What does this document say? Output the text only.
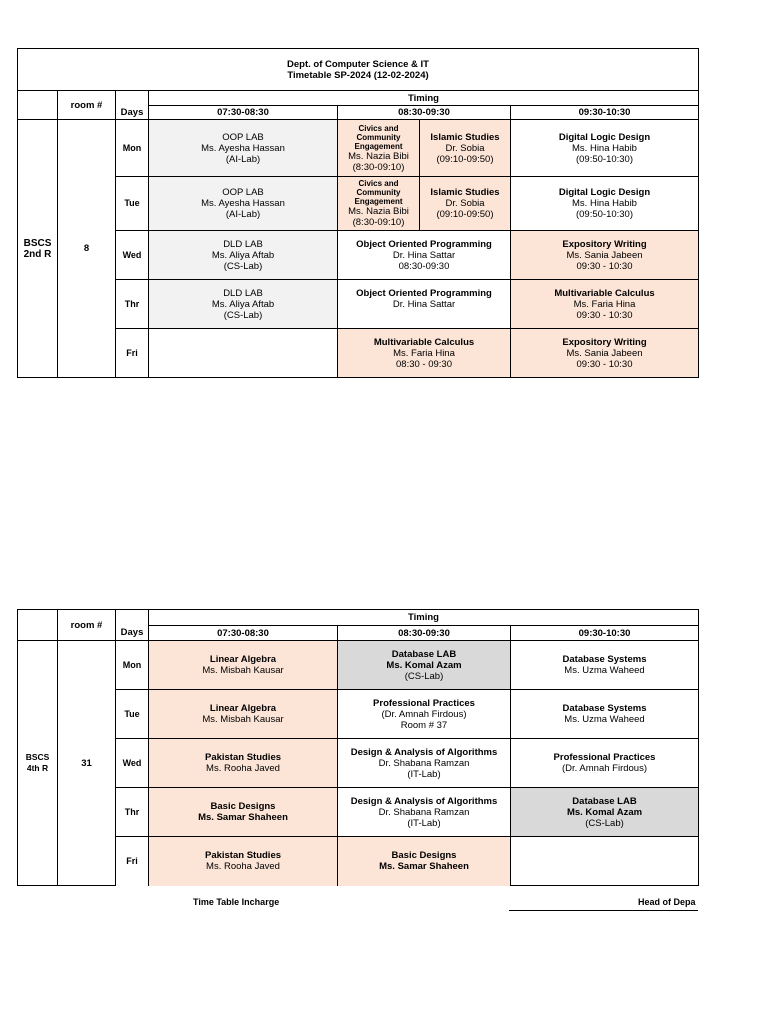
Dept. of Computer Science & IT
Timetable SP-2024 (12-02-2024)						

	room #		Timing			
		Days	07:30-08:30	08:30-09:30		09:30-10:30
BSCS 2nd R	8	Mon	OOP LAB
Ms. Ayesha Hassan
(AI-Lab)	Civics and Community Engagement
Ms. Nazia Bibi
(8:30-09:10)	Islamic Studies
Dr. Sobia
(09:10-09:50)	Digital Logic Design
Ms. Hina Habib
(09:50-10:30)

		Tue	OOP LAB
Ms. Ayesha Hassan
(AI-Lab)	Civics and Community Engagement
Ms. Nazia Bibi
(8:30-09:10)	Islamic Studies
Dr. Sobia
(09:10-09:50)	Digital Logic Design
Ms. Hina Habib
(09:50-10:30)

		Wed	DLD LAB
Ms. Aliya Aftab
(CS-Lab)	Object Oriented Programming
Dr. Hina Sattar
08:30-09:30		Expository Writing
Ms. Sania Jabeen
09:30 - 10:30

		Thr	DLD LAB
Ms. Aliya Aftab
(CS-Lab)	Object Oriented Programming
Dr. Hina Sattar		Multivariable Calculus
Ms. Faria Hina
09:30 - 10:30

		Fri		Multivariable Calculus
Ms. Faria Hina
08:30 - 09:30		Expository Writing
Ms. Sania Jabeen
09:30 - 10:30
	room #		Timing		
		Days	07:30-08:30	08:30-09:30	09:30-10:30
BSCS 4th R	31	Mon	Linear Algebra
Ms. Misbah Kausar	Database LAB
Ms. Komal Azam
(CS-Lab)	Database Systems
Ms. Uzma Waheed

		Tue	Linear Algebra
Ms. Misbah Kausar	Professional Practices
(Dr. Amnah Firdous)
Room # 37	Database Systems
Ms. Uzma Waheed

		Wed	Pakistan Studies
Ms. Rooha Javed	Design & Analysis of Algorithms
Dr. Shabana Ramzan
(IT-Lab)	Professional Practices
(Dr. Amnah Firdous)

		Thr	Basic Designs
Ms. Samar Shaheen	Design & Analysis of Algorithms
Dr. Shabana Ramzan
(IT-Lab)	Database LAB
Ms. Komal Azam
(CS-Lab)

		Fri	Pakistan Studies
Ms. Rooha Javed	Basic Designs
Ms. Samar Shaheen	

Time Table Incharge	Head of Depa
